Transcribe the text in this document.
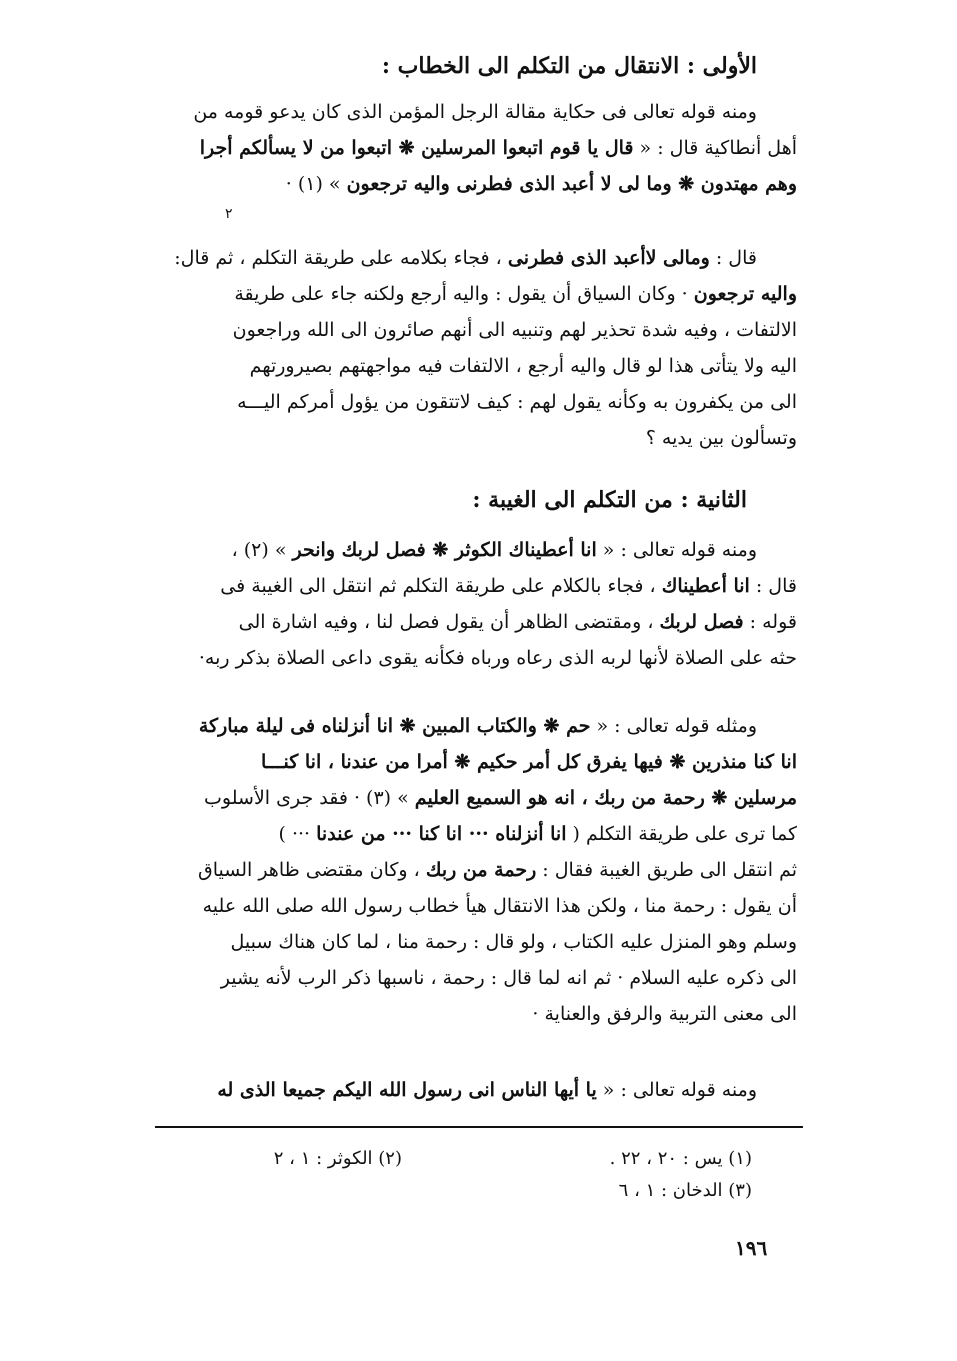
الأولى : الانتقال من التكلم الى الخطاب :
ومنه قوله تعالى فى حكاية مقالة الرجل المؤمن الذى كان يدعو قومه من
أهل أنطاكية قال : « قال يا قوم اتبعوا المرسلين ❋ اتبعوا من لا يسألكم أجرا
وهم مهتدون ❋ وما لى لا أعبد الذى فطرنى واليه ترجعون » (١) ·
٢
قال : ومالى لاأعبد الذى فطرنى ، فجاء بكلامه على طريقة التكلم ، ثم قال:
واليه ترجعون · وكان السياق أن يقول : واليه أرجع ولكنه جاء على طريقة
الالتفات ، وفيه شدة تحذير لهم وتنبيه الى أنهم صائرون الى الله وراجعون
اليه ولا يتأتى هذا لو قال واليه أرجع ، الالتفات فيه مواجهتهم بصيرورتهم
الى من يكفرون به وكأنه يقول لهم : كيف لاتتقون من يؤول أمركم اليـــه
وتسألون بين يديه ؟
الثانية : من التكلم الى الغيبة :
ومنه قوله تعالى : « انا أعطيناك الكوثر ❋ فصل لربك وانحر » (٢) ،
قال : انا أعطيناك ، فجاء بالكلام على طريقة التكلم ثم انتقل الى الغيبة فى
قوله : فصل لربك ، ومقتضى الظاهر أن يقول فصل لنا ، وفيه اشارة الى
حثه على الصلاة لأنها لربه الذى رعاه ورباه فكأنه يقوى داعى الصلاة بذكر ربه·
ومثله قوله تعالى : « حم ❋ والكتاب المبين ❋ انا أنزلناه فى ليلة مباركة
انا كنا منذرين ❋ فيها يفرق كل أمر حكيم ❋ أمرا من عندنا ، انا كنـــا
مرسلين ❋ رحمة من ربك ، انه هو السميع العليم » (٣) · فقد جرى الأسلوب
كما ترى على طريقة التكلم ( انا أنزلناه ··· انا كنا ··· من عندنا ··· )
ثم انتقل الى طريق الغيبة فقال : رحمة من ربك ، وكان مقتضى ظاهر السياق
أن يقول : رحمة منا ، ولكن هذا الانتقال هيأ خطاب رسول الله صلى الله عليه
وسلم وهو المنزل عليه الكتاب ، ولو قال : رحمة منا ، لما كان هناك سبيل
الى ذكره عليه السلام · ثم انه لما قال : رحمة ، ناسبها ذكر الرب لأنه يشير
الى معنى التربية والرفق والعناية ·
ومنه قوله تعالى : « يا أيها الناس انى رسول الله اليكم جميعا الذى له
(١) يس : ٢٠ ، ٢٢ .
(٢) الكوثر : ١ ، ٢
(٣) الدخان : ١ ، ٦
١٩٦
